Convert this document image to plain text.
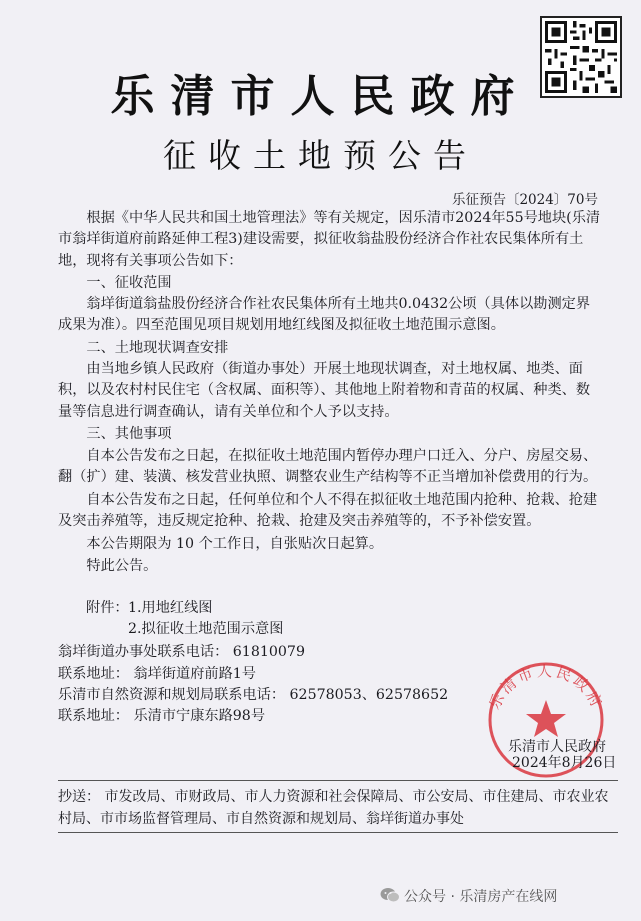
乐清市人民政府
征收土地预公告
乐征预告〔2024〕70号
根据《中华人民共和国土地管理法》等有关规定，因乐清市2024年55号地块(乐清市翁垟街道府前路延伸工程3)建设需要，拟征收翁盐股份经济合作社农民集体所有土地，现将有关事项公告如下：
一、征收范围
翁垟街道翁盐股份经济合作社农民集体所有土地共0.0432公顷（具体以勘测定界成果为准）。四至范围见项目规划用地红线图及拟征收土地范围示意图。
二、土地现状调查安排
由当地乡镇人民政府（街道办事处）开展土地现状调查，对土地权属、地类、面积，以及农村村民住宅（含权属、面积等）、其他地上附着物和青苗的权属、种类、数量等信息进行调查确认，请有关单位和个人予以支持。
三、其他事项
自本公告发布之日起，在拟征收土地范围内暂停办理户口迁入、分户、房屋交易、翻（扩）建、装潢、核发营业执照、调整农业生产结构等不正当增加补偿费用的行为。
自本公告发布之日起，任何单位和个人不得在拟征收土地范围内抢种、抢栽、抢建及突击养殖等，违反规定抢种、抢栽、抢建及突击养殖等的，不予补偿安置。
本公告期限为 10 个工作日，自张贴次日起算。
特此公告。
附件： 1.用地红线图
2.拟征收土地范围示意图
翁垟街道办事处联系电话： 61810079
联系地址： 翁垟街道府前路1号
乐清市自然资源和规划局联系电话： 62578053、62578652
联系地址： 乐清市宁康东路98号
乐清市人民政府
乐清市人民政府
2024年8月26日
抄送： 市发改局、市财政局、市人力资源和社会保障局、市公安局、市住建局、市农业农村局、市市场监督管理局、市自然资源和规划局、翁垟街道办事处
公众号 · 乐清房产在线网
